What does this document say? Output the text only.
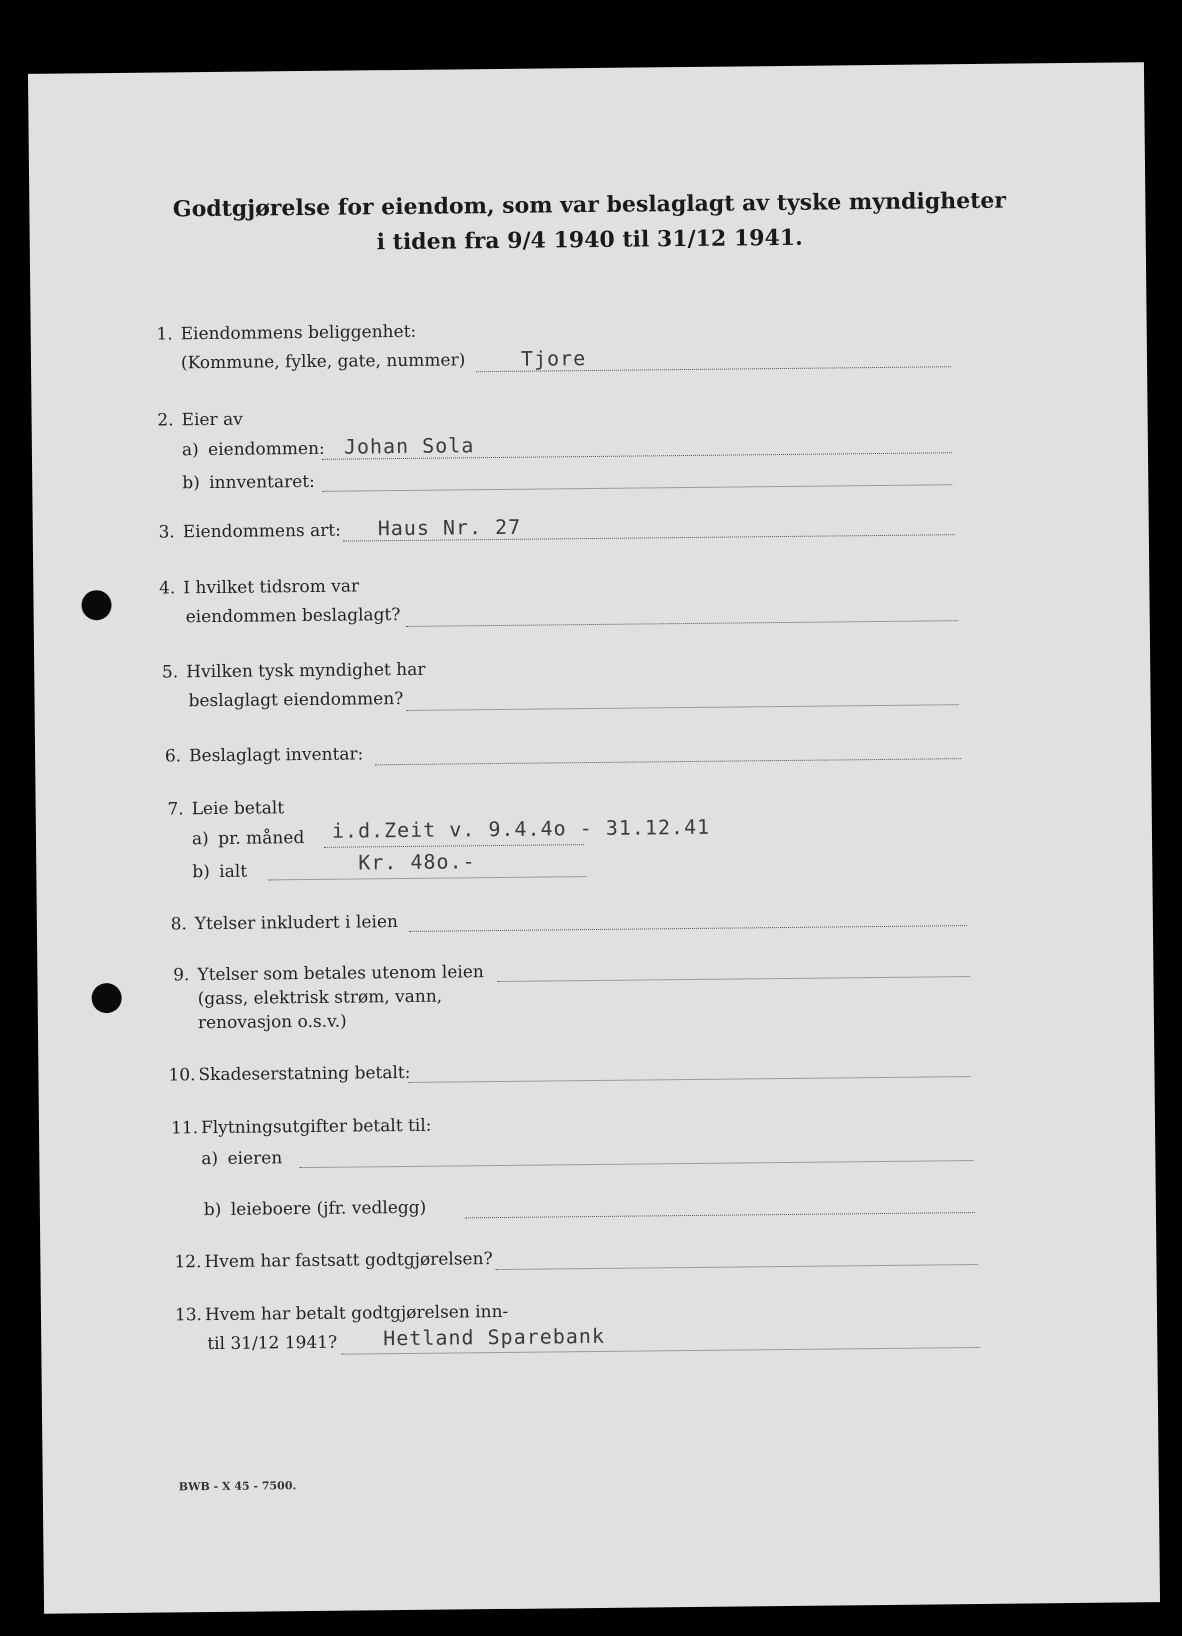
Godtgjørelse for eiendom, som var beslaglagt av tyske myndigheter
i tiden fra 9/4 1940 til 31/12 1941.
1. Eiendommens beliggenhet:
(Kommune, fylke, gate, nummer)	Tjore
2. Eier av
a) eiendommen: Johan Sola
b) innventaret:
3. Eiendommens art: Haus Nr. 27
4. I hvilket tidsrom var
eiendommen beslaglagt?
5. Hvilken tysk myndighet har
beslaglagt eiendommen?
6. Beslaglagt inventar:
7. Leie betalt
a) pr. måned i.d.Zeit v. 9.4.4o - 31.12.41
b) ialt	Kr. 48o.-
8. Ytelser inkludert i leien
9. Ytelser som betales utenom leien
(gass, elektrisk strøm, vann,
renovasjon o.s.v.)
10. Skadeserstatning betalt:
11. Flytningsutgifter betalt til:
a) eieren
b) leieboere (jfr. vedlegg)
12. Hvem har fastsatt godtgjørelsen?
13. Hvem har betalt godtgjørelsen inn-
til 31/12 1941? Hetland Sparebank
BWB - X 45 - 7500.
